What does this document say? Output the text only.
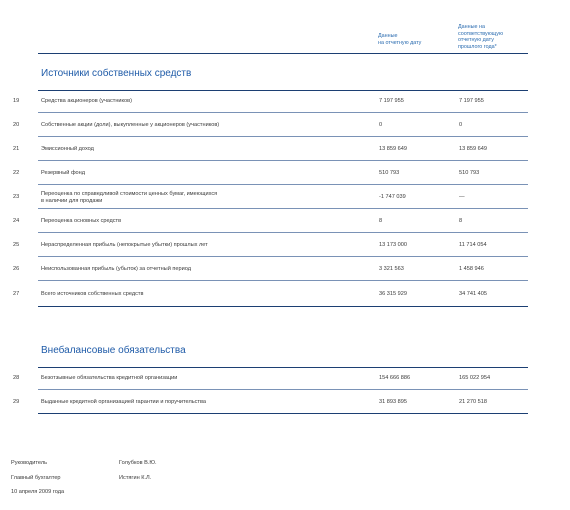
Данные
на отчетную дату
Данные на
соответствующую
отчетную дату
прошлого года*
Источники собственных средств
19	Средства акционеров (участников)	7 197 955	7 197 955
20	Собственные акции (доли), выкупленные у акционеров (участников)	0	0
21	Эмиссионный доход	13 859 649	13 859 649
22	Резервный фонд	510 793	510 793
23	Переоценка по справедливой стоимости ценных бумаг, имеющихся
в наличии для продажи
-1 747 039	—
24	Переоценка основных средств	8	8
25	Нераспределенная прибыль (непокрытые убытки) прошлых лет	13 173 000	11 714 054
26	Неиспользованная прибыль (убыток) за отчетный период	3 321 563	1 458 946
27	Всего источников собственных средств	36 315 929	34 741 405
Внебалансовые обязательства
28	Безотзывные обязательства кредитной организации	154 666 886	165 022 954
29	Выданные кредитной организацией гарантии и поручительства	31 893 895	21 270 518
Руководитель	Голубков В.Ю.
Главный бухгалтер	Истягин К.Л.
10 апреля 2009 года
